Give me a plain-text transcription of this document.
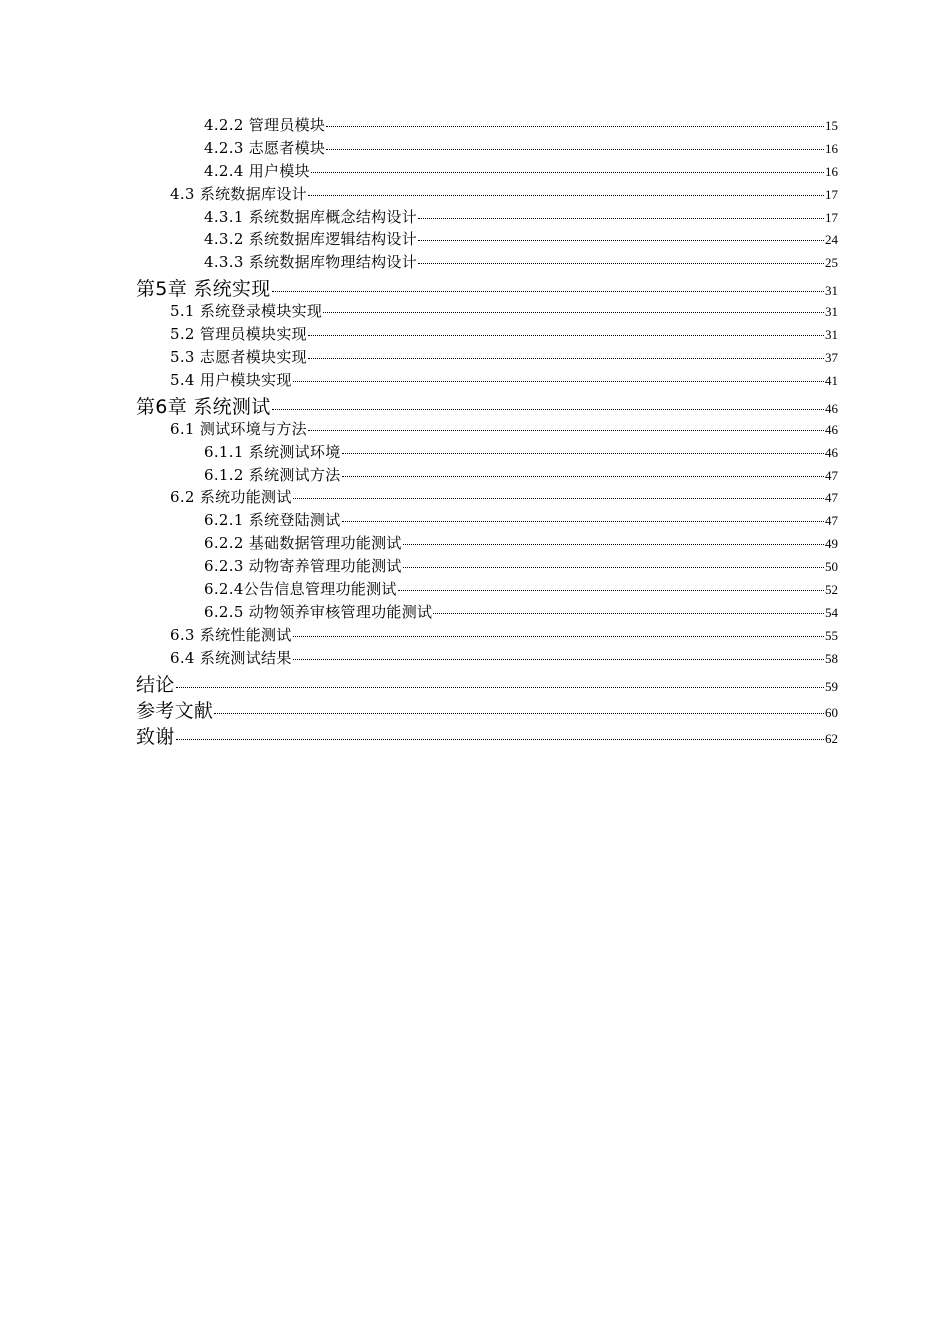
4.2.2 管理员模块	15
4.2.3 志愿者模块	16
4.2.4 用户模块	16
4.3 系统数据库设计	17
4.3.1 系统数据库概念结构设计	17
4.3.2 系统数据库逻辑结构设计	24
4.3.3 系统数据库物理结构设计	25
第5章 系统实现	31
5.1 系统登录模块实现	31
5.2 管理员模块实现	31
5.3 志愿者模块实现	37
5.4 用户模块实现	41
第6章 系统测试	46
6.1 测试环境与方法	46
6.1.1 系统测试环境	46
6.1.2 系统测试方法	47
6.2 系统功能测试	47
6.2.1 系统登陆测试	47
6.2.2 基础数据管理功能测试	49
6.2.3 动物寄养管理功能测试	50
6.2.4公告信息管理功能测试	52
6.2.5 动物领养审核管理功能测试	54
6.3 系统性能测试	55
6.4 系统测试结果	58
结论	59
参考文献	60
致谢	62
